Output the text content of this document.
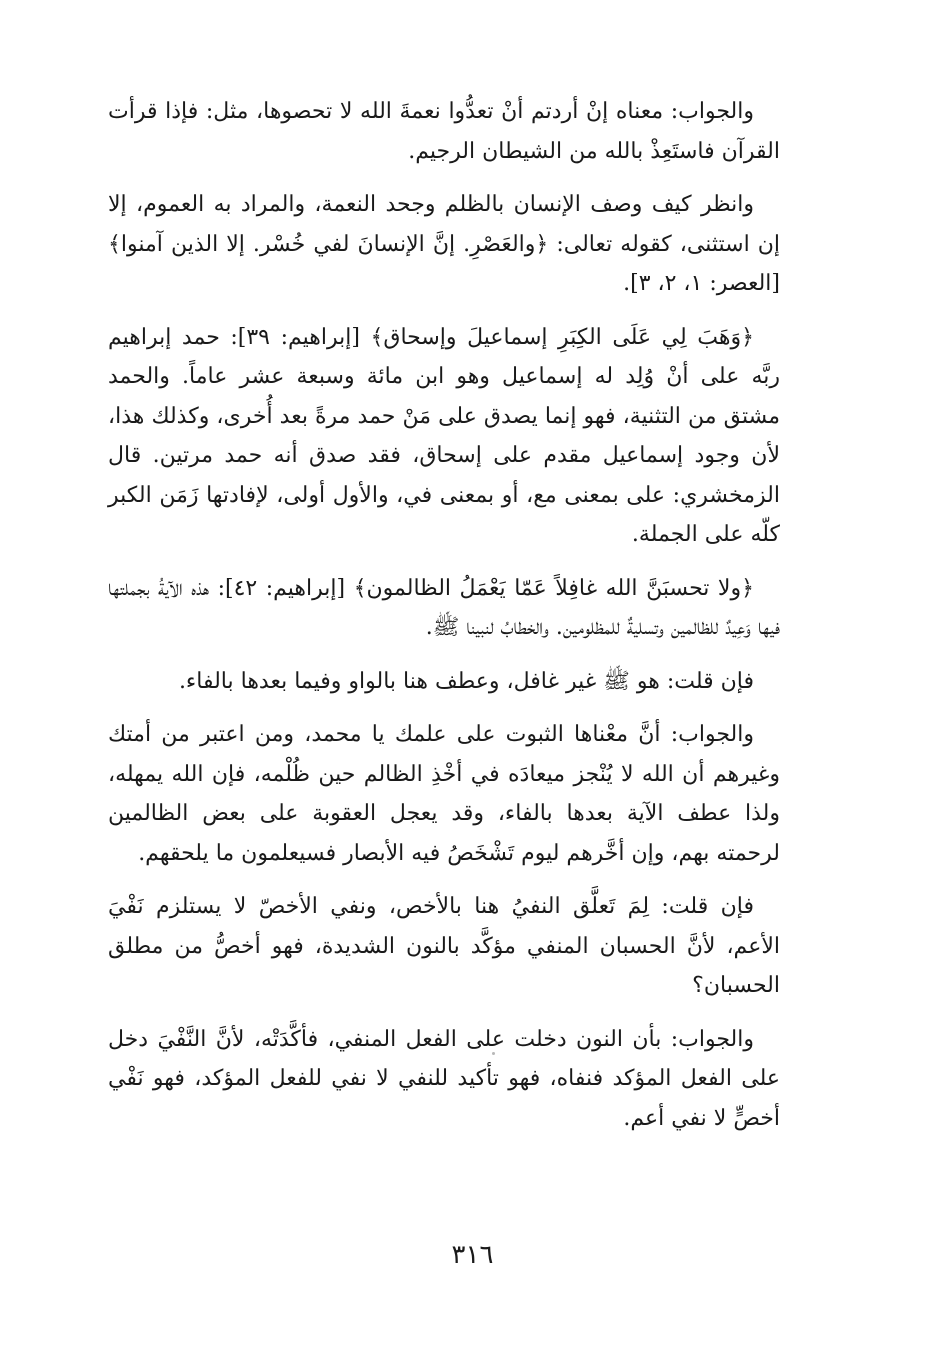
والجواب: معناه إنْ أردتم أنْ تعدُّوا نعمةَ الله لا تحصوها، مثل: فإذا قرأت القرآن فاستَعِذْ بالله من الشيطان الرجيم.

وانظر كيف وصف الإنسان بالظلم وجحد النعمة، والمراد به العموم، إلا إن استثنى، كقوله تعالى: ﴿والعَصْرِ. إنَّ الإنسانَ لفي خُسْر. إلا الذين آمنوا﴾ [العصر: ١، ٢، ٣].

﴿وَهَبَ لِي عَلَى الكِبَرِ إسماعيلَ وإسحاق﴾ [إبراهيم: ٣٩]: حمد إبراهيم ربَّه على أنْ وُلِد له إسماعيل وهو ابن مائة وسبعة عشر عاماً. والحمد مشتق من التثنية، فهو إنما يصدق على مَنْ حمد مرةً بعد أُخرى، وكذلك هذا، لأن وجود إسماعيل مقدم على إسحاق، فقد صدق أنه حمد مرتين. قال الزمخشري: على بمعنى مع، أو بمعنى في، والأول أولى، لإفادتها زَمَن الكبر كلّه على الجملة.

﴿ولا تحسبَنَّ الله غافِلاً عَمّا يَعْمَلُ الظالمون﴾ [إبراهيم: ٤٢]: هذه الآيةُ بجملتها فيها وَعِيدٌ للظالمين وتسليةٌ للمظلومين. والخطابُ لنبينا ﷺ.

فإن قلت: هو ﷺ غير غافل، وعطف هنا بالواو وفيما بعدها بالفاء.

والجواب: أنَّ معْناها الثبوت على علمك يا محمد، ومن اعتبر من أمتك وغيرهم أن الله لا يُنْجز ميعادَه في أخْذِ الظالم حين ظُلْمه، فإن الله يمهله، ولذا عطف الآية بعدها بالفاء، وقد يعجل العقوبة على بعض الظالمين لرحمته بهم، وإن أخَّرهم ليوم تَشْخَصُ فيه الأبصار فسيعلمون ما يلحقهم.

فإن قلت: لِمَ تَعلَّق النفيُ هنا بالأخص، ونفي الأخصّ لا يستلزم نَفْيَ الأعم، لأنَّ الحسبان المنفي مؤكَّد بالنون الشديدة، فهو أخصُّ من مطلق الحسبان؟

والجواب: بأن النون دخلت على الفعل المنفي، فأكَّدَتْه، لأنَّ النَّفْيَ دخل على الفعل المؤكد فنفاه، فهو تأكيد للنفي لا نفي للفعل المؤكد، فهو نَفْي أخصٍّ لا نفي أعم.

٣١٦
